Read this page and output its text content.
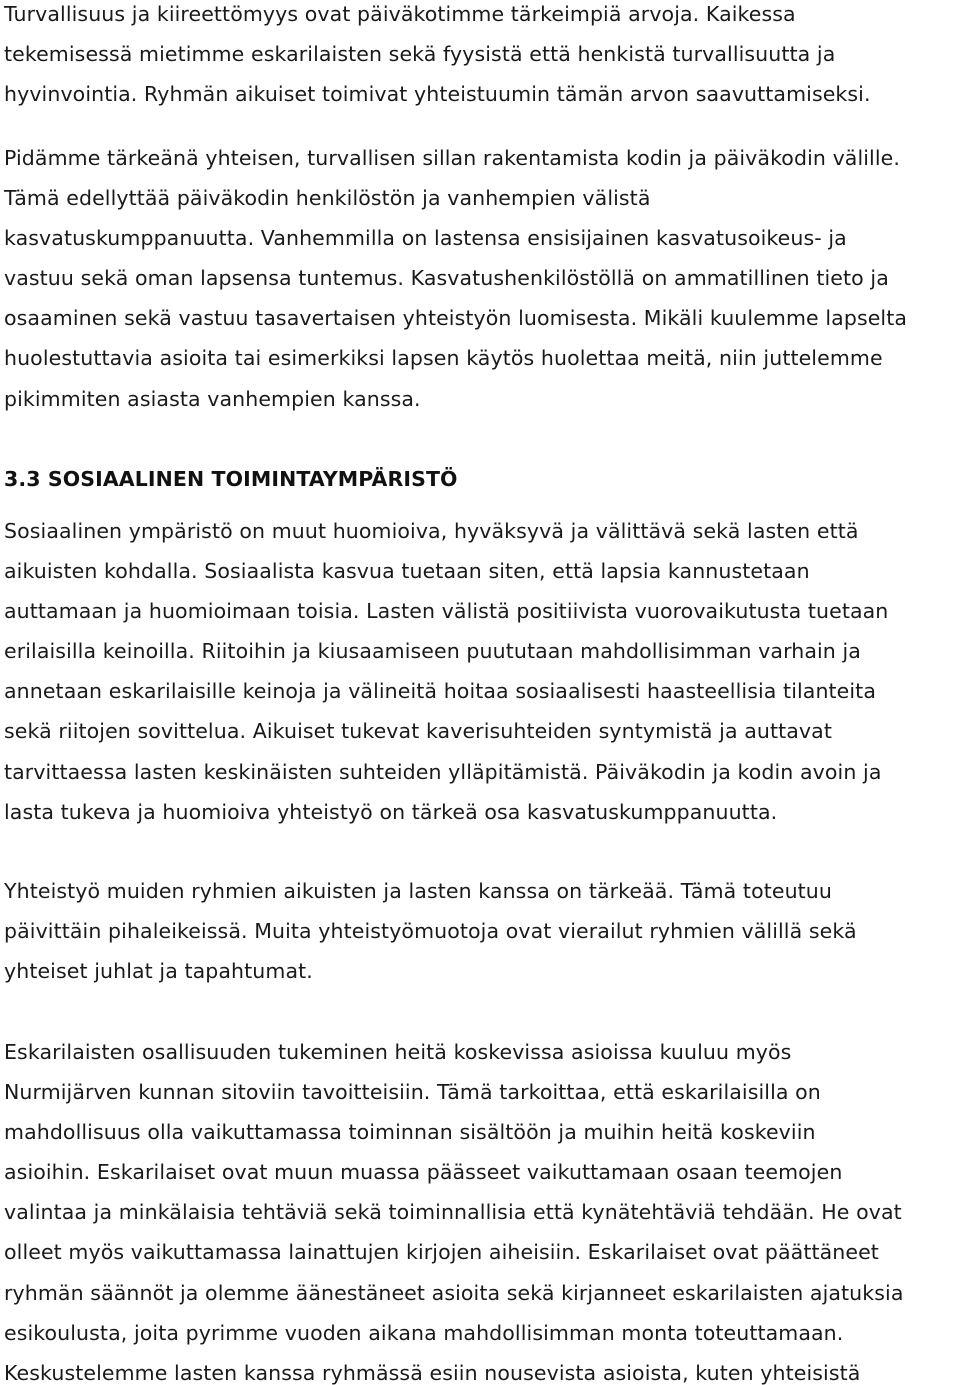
Turvallisuus ja kiireettömyys ovat päiväkotimme tärkeimpiä arvoja. Kaikessa
tekemisessä mietimme eskarilaisten sekä fyysistä että henkistä turvallisuutta ja
hyvinvointia. Ryhmän aikuiset toimivat yhteistuumin tämän arvon saavuttamiseksi.
Pidämme tärkeänä yhteisen, turvallisen sillan rakentamista kodin ja päiväkodin välille.
Tämä edellyttää päiväkodin henkilöstön ja vanhempien välistä
kasvatuskumppanuutta. Vanhemmilla on lastensa ensisijainen kasvatusoikeus- ja
vastuu sekä oman lapsensa tuntemus. Kasvatushenkilöstöllä on ammatillinen tieto ja
osaaminen sekä vastuu tasavertaisen yhteistyön luomisesta. Mikäli kuulemme lapselta
huolestuttavia asioita tai esimerkiksi lapsen käytös huolettaa meitä, niin juttelemme
pikimmiten asiasta vanhempien kanssa.
3.3 SOSIAALINEN TOIMINTAYMPÄRISTÖ
Sosiaalinen ympäristö on muut huomioiva, hyväksyvä ja välittävä sekä lasten että
aikuisten kohdalla. Sosiaalista kasvua tuetaan siten, että lapsia kannustetaan
auttamaan ja huomioimaan toisia. Lasten välistä positiivista vuorovaikutusta tuetaan
erilaisilla keinoilla. Riitoihin ja kiusaamiseen puututaan mahdollisimman varhain ja
annetaan eskarilaisille keinoja ja välineitä hoitaa sosiaalisesti haasteellisia tilanteita
sekä riitojen sovittelua. Aikuiset tukevat kaverisuhteiden syntymistä ja auttavat
tarvittaessa lasten keskinäisten suhteiden ylläpitämistä. Päiväkodin ja kodin avoin ja
lasta tukeva ja huomioiva yhteistyö on tärkeä osa kasvatuskumppanuutta.
Yhteistyö muiden ryhmien aikuisten ja lasten kanssa on tärkeää. Tämä toteutuu
päivittäin pihaleikeissä. Muita yhteistyömuotoja ovat vierailut ryhmien välillä sekä
yhteiset juhlat ja tapahtumat.
Eskarilaisten osallisuuden tukeminen heitä koskevissa asioissa kuuluu myös
Nurmijärven kunnan sitoviin tavoitteisiin. Tämä tarkoittaa, että eskarilaisilla on
mahdollisuus olla vaikuttamassa toiminnan sisältöön ja muihin heitä koskeviin
asioihin. Eskarilaiset ovat muun muassa päässeet vaikuttamaan osaan teemojen
valintaa ja minkälaisia tehtäviä sekä toiminnallisia että kynätehtäviä tehdään. He ovat
olleet myös vaikuttamassa lainattujen kirjojen aiheisiin. Eskarilaiset ovat päättäneet
ryhmän säännöt ja olemme äänestäneet asioita sekä kirjanneet eskarilaisten ajatuksia
esikoulusta, joita pyrimme vuoden aikana mahdollisimman monta toteuttamaan.
Keskustelemme lasten kanssa ryhmässä esiin nousevista asioista, kuten yhteisistä
